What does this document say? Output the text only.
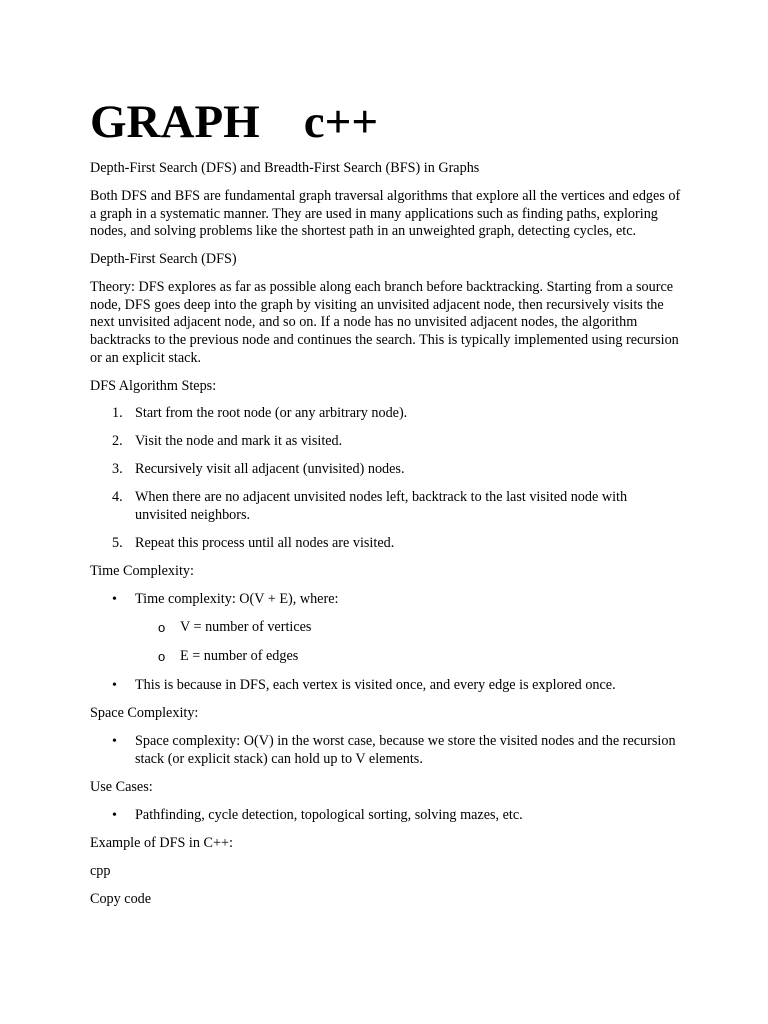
GRAPH c++

Depth-First Search (DFS) and Breadth-First Search (BFS) in Graphs

Both DFS and BFS are fundamental graph traversal algorithms that explore all the vertices and edges of a graph in a systematic manner. They are used in many applications such as finding paths, exploring nodes, and solving problems like the shortest path in an unweighted graph, detecting cycles, etc.

Depth-First Search (DFS)

Theory: DFS explores as far as possible along each branch before backtracking. Starting from a source node, DFS goes deep into the graph by visiting an unvisited adjacent node, then recursively visits the next unvisited adjacent node, and so on. If a node has no unvisited adjacent nodes, the algorithm backtracks to the previous node and continues the search. This is typically implemented using recursion or an explicit stack.

DFS Algorithm Steps:

1. Start from the root node (or any arbitrary node).
2. Visit the node and mark it as visited.
3. Recursively visit all adjacent (unvisited) nodes.
4. When there are no adjacent unvisited nodes left, backtrack to the last visited node with unvisited neighbors.
5. Repeat this process until all nodes are visited.

Time Complexity:

• Time complexity: O(V + E), where:
o V = number of vertices
o E = number of edges
• This is because in DFS, each vertex is visited once, and every edge is explored once.

Space Complexity:

• Space complexity: O(V) in the worst case, because we store the visited nodes and the recursion stack (or explicit stack) can hold up to V elements.

Use Cases:

• Pathfinding, cycle detection, topological sorting, solving mazes, etc.

Example of DFS in C++:

cpp

Copy code
